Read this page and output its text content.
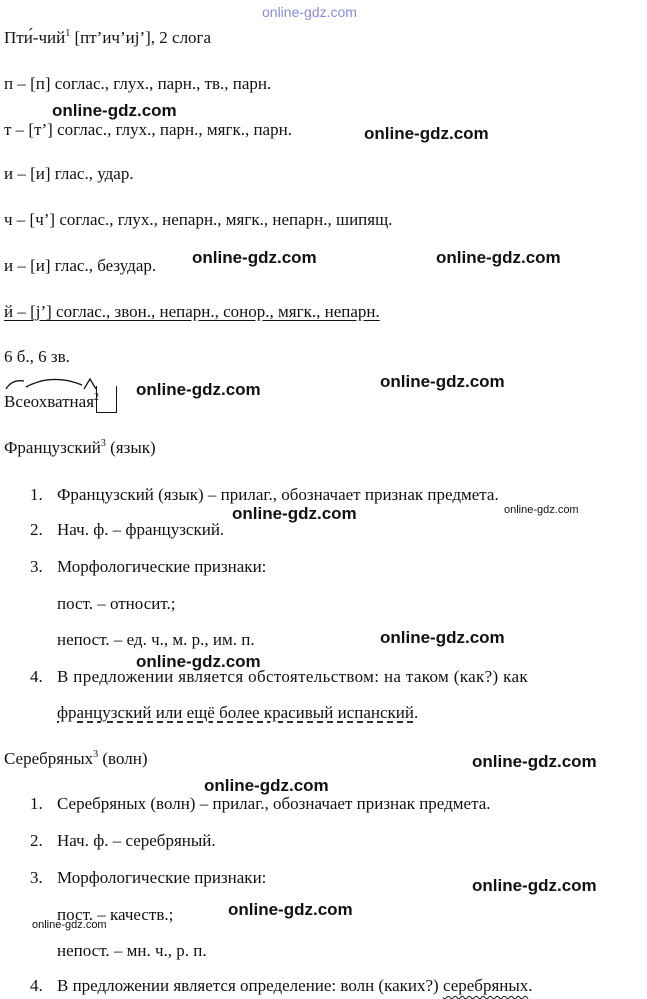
online-gdz.com
Пти́-чий$^1$ [пт’ич’иj’], 2 слога
п – [п] соглас., глух., парн., тв., парн.
т – [т’] соглас., глух., парн., мягк., парн.
и – [и] глас., удар.
ч – [ч’] соглас., глух., непарн., мягк., непарн., шипящ.
и – [и] глас., безудар.
й – [j’] соглас., звон., непарн., сонор., мягк., непарн.
6 б., 6 зв.
Всеохватная$^2$
Французский$^3$ (язык)
1. Французский (язык) – прилаг., обозначает признак предмета.
2. Нач. ф. – французский.
3. Морфологические признаки:
пост. – относит.;
непост. – ед. ч., м. р., им. п.
4. В предложении является обстоятельством: на таком (как?) как
французский или ещё более красивый испанский.
Серебряных$^3$ (волн)
1. Серебряных (волн) – прилаг., обозначает признак предмета.
2. Нач. ф. – серебряный.
3. Морфологические признаки:
пост. – качеств.;
непост. – мн. ч., р. п.
4. В предложении является определение: волн (каких?) серебряных.
online-gdz.com
online-gdz.com
online-gdz.com	online-gdz.com
online-gdz.com
online-gdz.com
online-gdz.com	online-gdz.com
online-gdz.com
online-gdz.com
online-gdz.com
online-gdz.com
online-gdz.com
online-gdz.com
online-gdz.com
